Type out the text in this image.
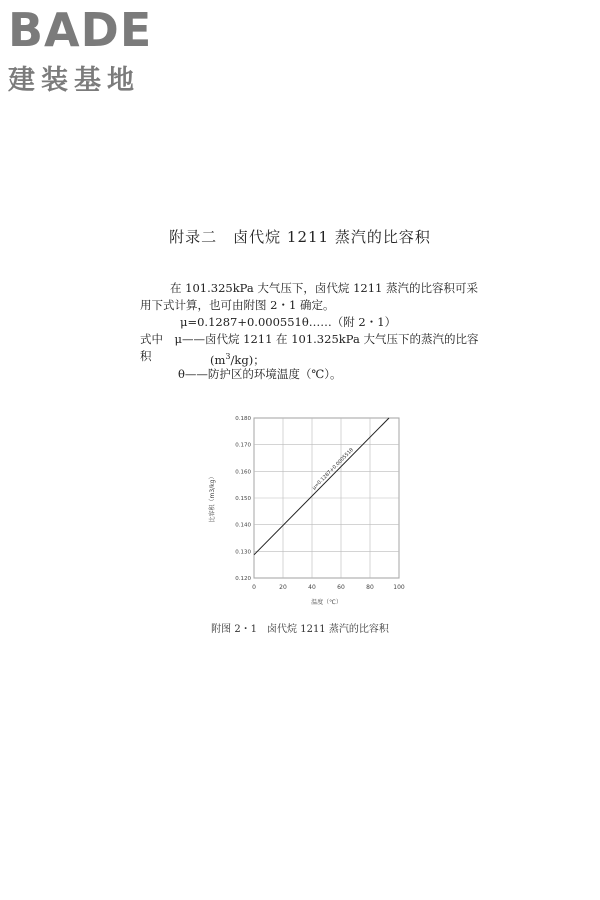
BADE
建装基地
附录二　卤代烷 1211 蒸汽的比容积
在 101.325kPa 大气压下，卤代烷 1211 蒸汽的比容积可采用下式计算，也可由附图 2・1 确定。
μ=0.1287+0.000551θ……（附 2・1）
式中　μ——卤代烷 1211 在 101.325kPa 大气压下的蒸汽的比容积	$(m^3/kg)$；
θ——防护区的环境温度（℃）。
0	20	40	60	80	100
0.120
0.130
0.140
0.150
0.160
0.170
0.180
μ=0.1287+0.000551θ
温度（℃）
比容积（m3/kg）
附图 2・1　卤代烷 1211 蒸汽的比容积
